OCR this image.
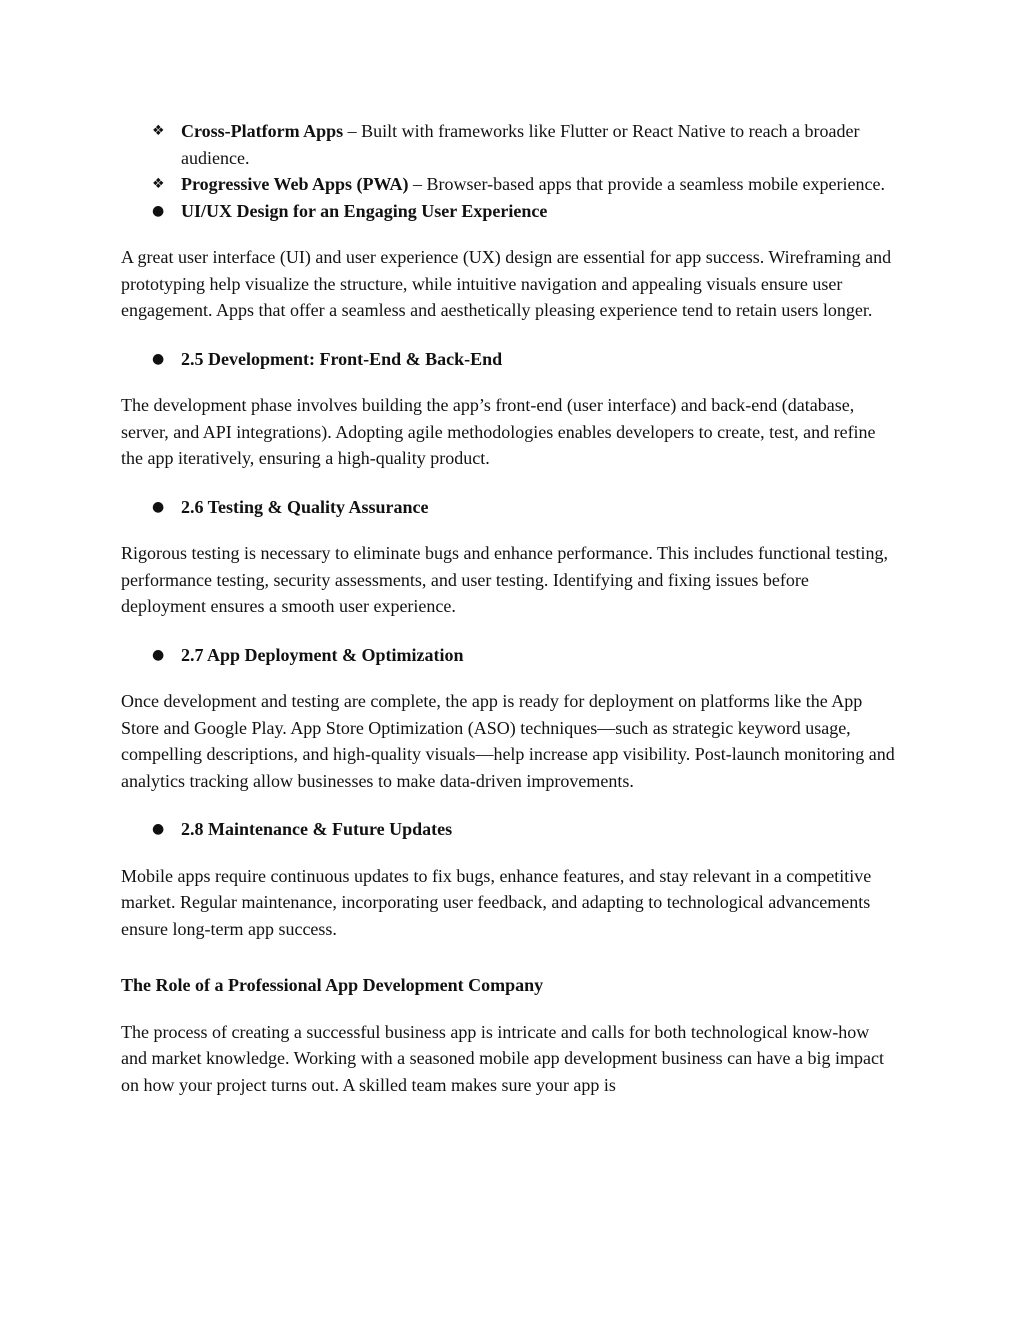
❖ Cross-Platform Apps – Built with frameworks like Flutter or React Native to reach a broader audience.
❖ Progressive Web Apps (PWA) – Browser-based apps that provide a seamless mobile experience.
● UI/UX Design for an Engaging User Experience

A great user interface (UI) and user experience (UX) design are essential for app success. Wireframing and prototyping help visualize the structure, while intuitive navigation and appealing visuals ensure user engagement. Apps that offer a seamless and aesthetically pleasing experience tend to retain users longer.

● 2.5 Development: Front-End & Back-End

The development phase involves building the app’s front-end (user interface) and back-end (database, server, and API integrations). Adopting agile methodologies enables developers to create, test, and refine the app iteratively, ensuring a high-quality product.

● 2.6 Testing & Quality Assurance

Rigorous testing is necessary to eliminate bugs and enhance performance. This includes functional testing, performance testing, security assessments, and user testing. Identifying and fixing issues before deployment ensures a smooth user experience.

● 2.7 App Deployment & Optimization

Once development and testing are complete, the app is ready for deployment on platforms like the App Store and Google Play. App Store Optimization (ASO) techniques—such as strategic keyword usage, compelling descriptions, and high-quality visuals—help increase app visibility. Post-launch monitoring and analytics tracking allow businesses to make data-driven improvements.

● 2.8 Maintenance & Future Updates

Mobile apps require continuous updates to fix bugs, enhance features, and stay relevant in a competitive market. Regular maintenance, incorporating user feedback, and adapting to technological advancements ensure long-term app success.

The Role of a Professional App Development Company

The process of creating a successful business app is intricate and calls for both technological know-how and market knowledge. Working with a seasoned mobile app development business can have a big impact on how your project turns out. A skilled team makes sure your app is
